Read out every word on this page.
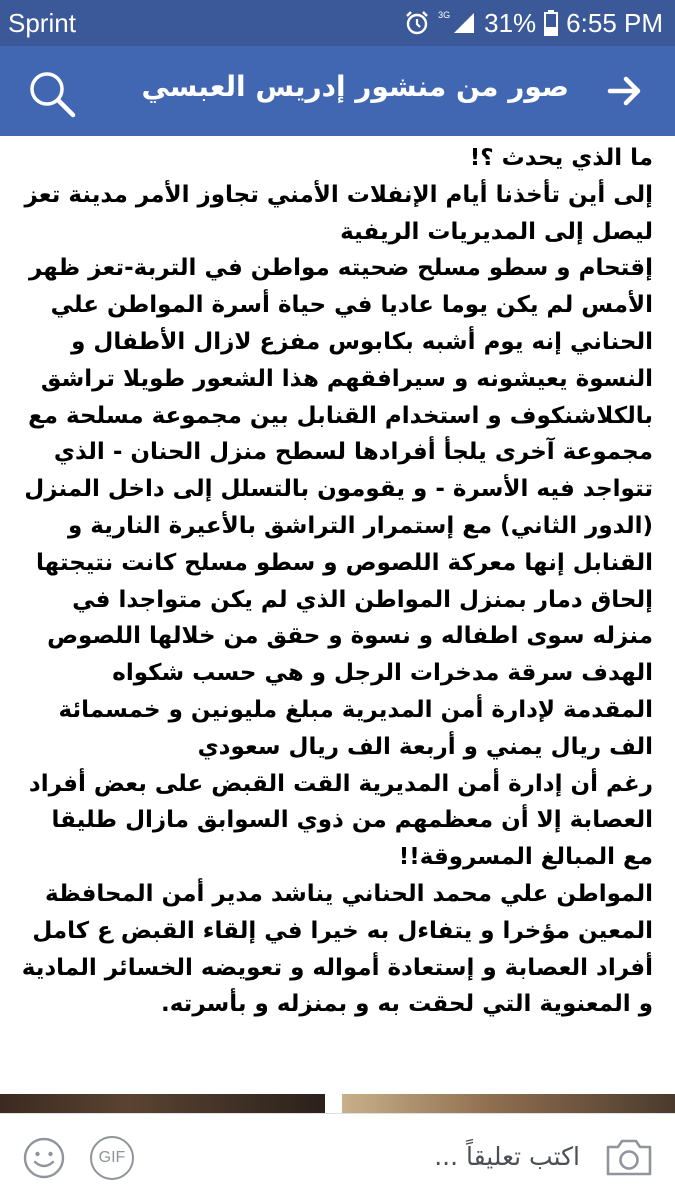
Sprint	3G 31% 6:55 PM
صور من منشور إدريس العبسي
ما الذي يحدث ؟!
إلى أين تأخذنا أيام الإنفلات الأمني تجاوز الأمر مدينة تعز ليصل إلى المديريات الريفية
إقتحام و سطو مسلح ضحيته مواطن في التربة-تعز ظهر الأمس لم يكن يوما عاديا في حياة أسرة المواطن علي الحناني إنه يوم أشبه بكابوس مفزع لازال الأطفال و النسوة يعيشونه و سيرافقهم هذا الشعور طويلا تراشق بالكلاشنكوف و استخدام القنابل بين مجموعة مسلحة مع مجموعة آخرى يلجأ أفرادها لسطح منزل الحنان - الذي تتواجد فيه الأسرة - و يقومون بالتسلل إلى داخل المنزل (الدور الثاني) مع إستمرار التراشق بالأعيرة النارية و القنابل إنها معركة اللصوص و سطو مسلح كانت نتيجتها إلحاق دمار بمنزل المواطن الذي لم يكن متواجدا في منزله سوى اطفاله و نسوة و حقق من خلالها اللصوص الهدف سرقة مدخرات الرجل و هي حسب شكواه المقدمة لإدارة أمن المديرية مبلغ مليونين و خمسمائة الف ريال يمني و أربعة الف ريال سعودي
رغم أن إدارة أمن المديرية القت القبض على بعض أفراد العصابة إلا أن معظمهم من ذوي السوابق مازال طليقا مع المبالغ المسروقة!!
المواطن علي محمد الحناني يناشد مدير أمن المحافظة المعين مؤخرا و يتفاءل به خيرا في إلقاء القبض ع كامل أفراد العصابة و إستعادة أمواله و تعويضه الخسائر المادية و المعنوية التي لحقت به و بمنزله و بأسرته.
GIF	اكتب تعليقاً ...
